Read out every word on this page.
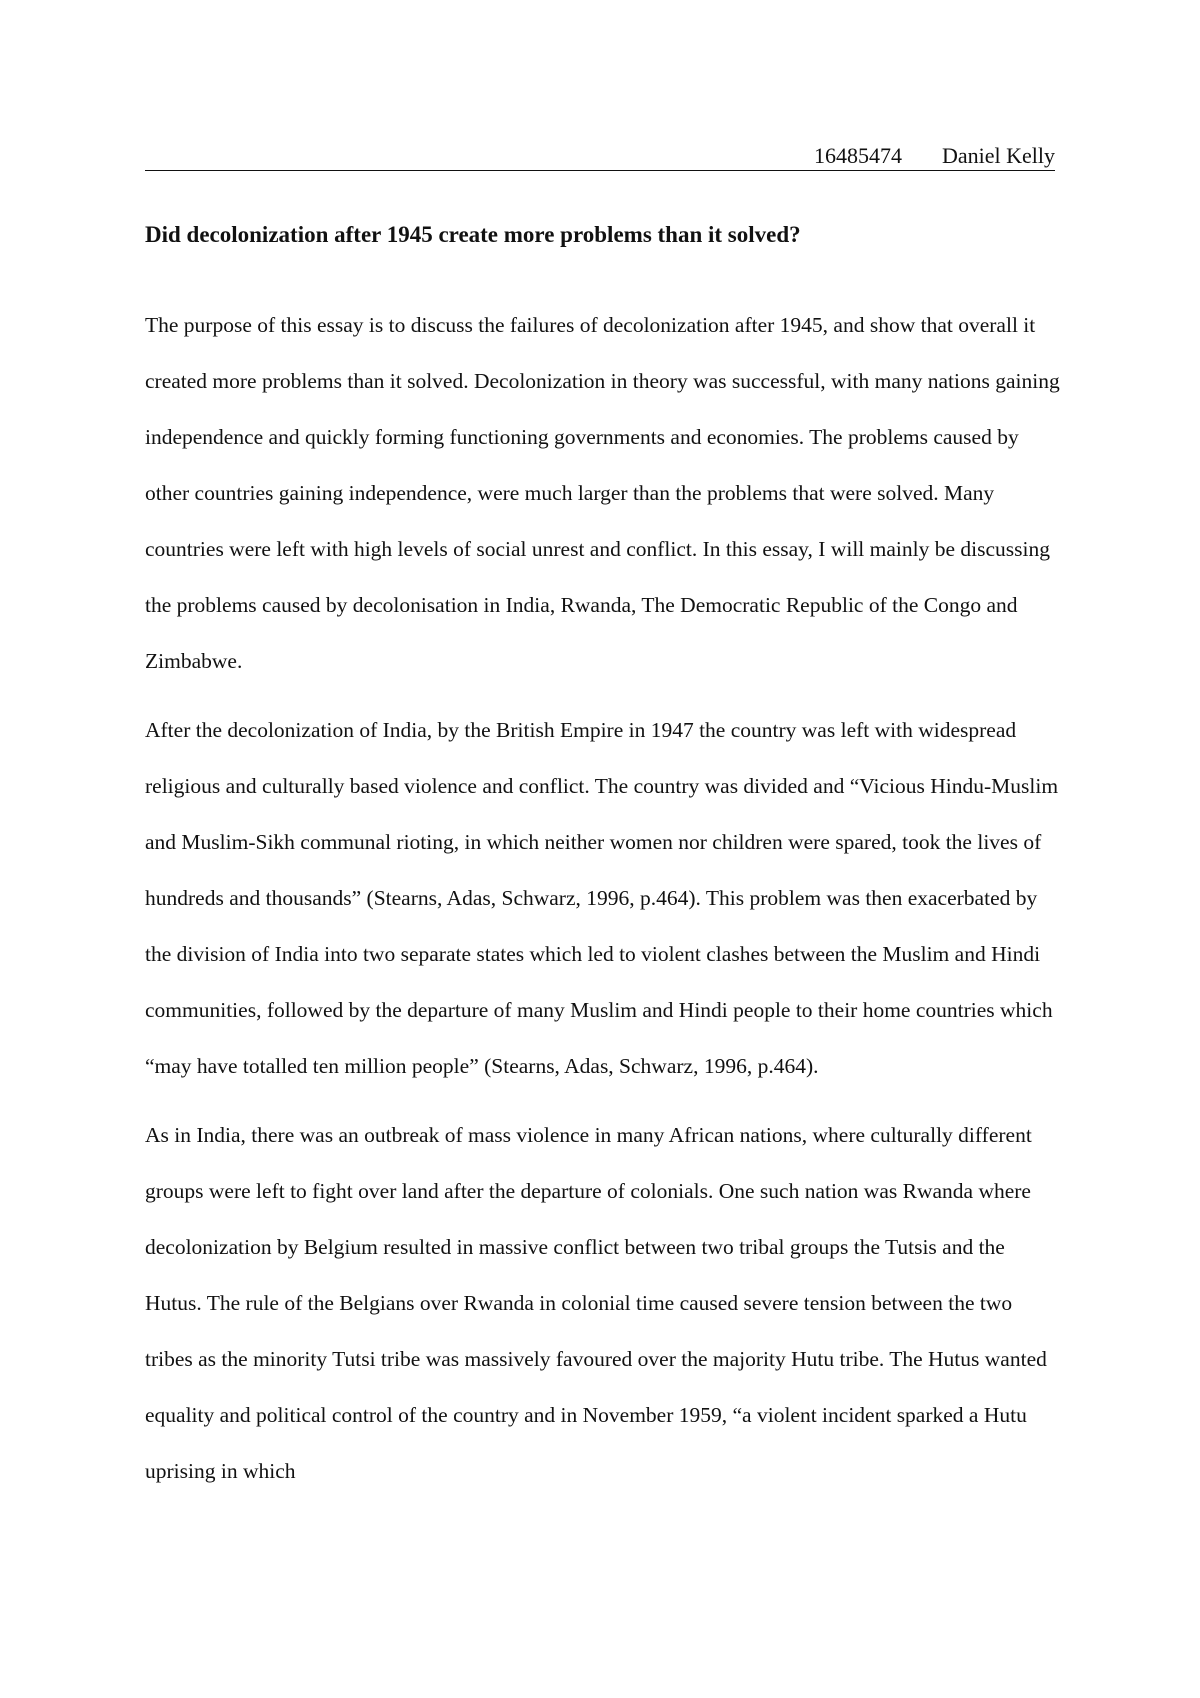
16485474 Daniel Kelly
Did decolonization after 1945 create more problems than it solved?

The purpose of this essay is to discuss the failures of decolonization after 1945, and show that overall it created more problems than it solved. Decolonization in theory was successful, with many nations gaining independence and quickly forming functioning governments and economies. The problems caused by other countries gaining independence, were much larger than the problems that were solved. Many countries were left with high levels of social unrest and conflict. In this essay, I will mainly be discussing the problems caused by decolonisation in India, Rwanda, The Democratic Republic of the Congo and Zimbabwe.

After the decolonization of India, by the British Empire in 1947 the country was left with widespread religious and culturally based violence and conflict. The country was divided and “Vicious Hindu-Muslim and Muslim-Sikh communal rioting, in which neither women nor children were spared, took the lives of hundreds and thousands” (Stearns, Adas, Schwarz, 1996, p.464). This problem was then exacerbated by the division of India into two separate states which led to violent clashes between the Muslim and Hindi communities, followed by the departure of many Muslim and Hindi people to their home countries which “may have totalled ten million people” (Stearns, Adas, Schwarz, 1996, p.464).

As in India, there was an outbreak of mass violence in many African nations, where culturally different groups were left to fight over land after the departure of colonials. One such nation was Rwanda where decolonization by Belgium resulted in massive conflict between two tribal groups the Tutsis and the Hutus. The rule of the Belgians over Rwanda in colonial time caused severe tension between the two tribes as the minority Tutsi tribe was massively favoured over the majority Hutu tribe. The Hutus wanted equality and political control of the country and in November 1959, “a violent incident sparked a Hutu uprising in which
